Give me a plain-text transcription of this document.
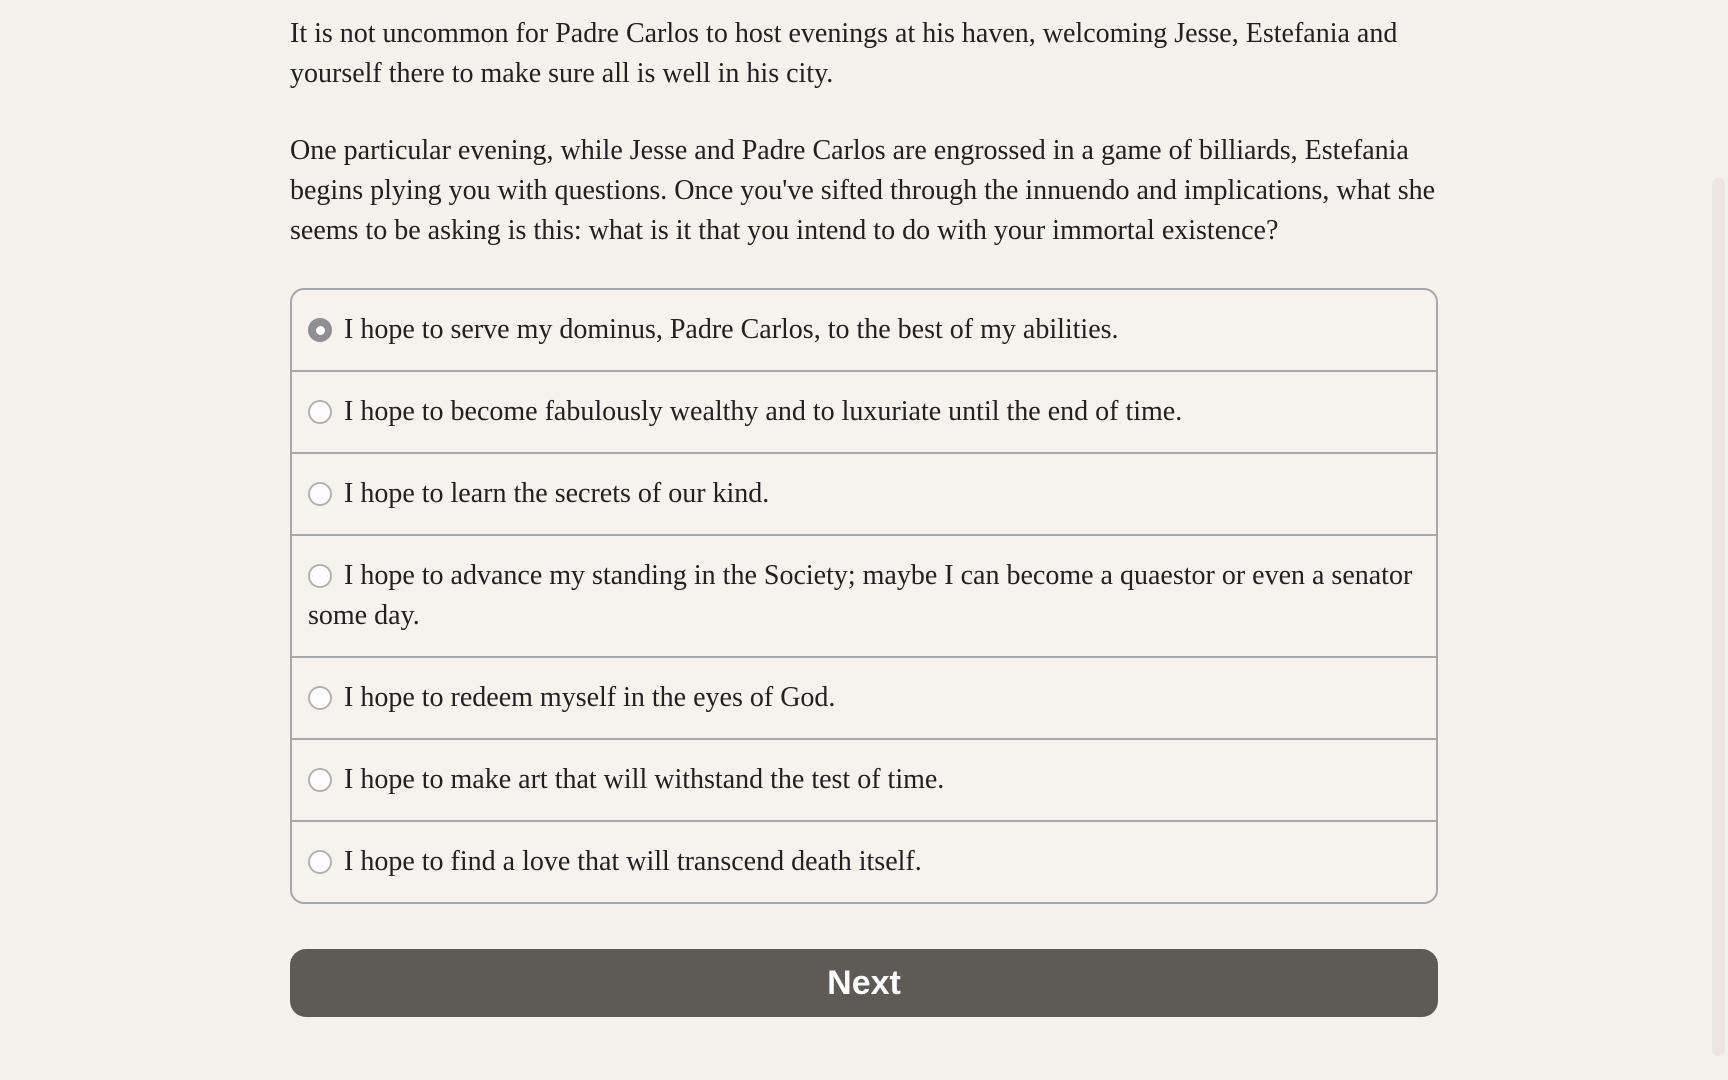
It is not uncommon for Padre Carlos to host evenings at his haven, welcoming Jesse, Estefania and yourself there to make sure all is well in his city.

One particular evening, while Jesse and Padre Carlos are engrossed in a game of billiards, Estefania begins plying you with questions. Once you've sifted through the innuendo and implications, what she seems to be asking is this: what is it that you intend to do with your immortal existence?

I hope to serve my dominus, Padre Carlos, to the best of my abilities.
I hope to become fabulously wealthy and to luxuriate until the end of time.
I hope to learn the secrets of our kind.
I hope to advance my standing in the Society; maybe I can become a quaestor or even a senator some day.
I hope to redeem myself in the eyes of God.
I hope to make art that will withstand the test of time.
I hope to find a love that will transcend death itself.
Next
